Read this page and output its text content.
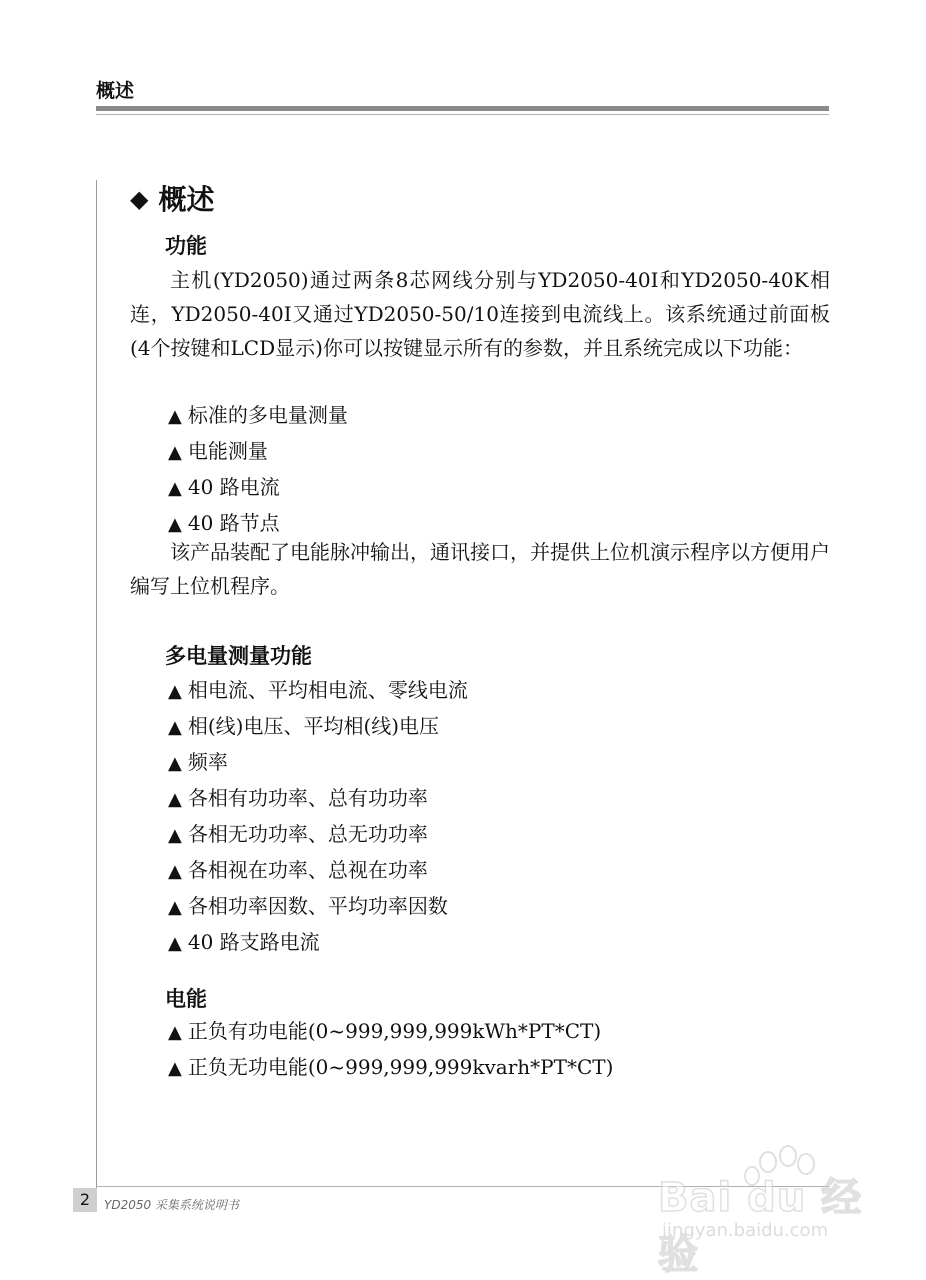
概述
◆ 概述
功能

主机(YD2050)通过两条8芯网线分别与YD2050-40I和YD2050-40K相连，YD2050-40I又通过YD2050-50/10连接到电流线上。该系统通过前面板(4个按键和LCD显示)你可以按键显示所有的参数，并且系统完成以下功能：

▲ 标准的多电量测量
▲ 电能测量
▲ 40 路电流
▲ 40 路节点

该产品装配了电能脉冲输出，通讯接口，并提供上位机演示程序以方便用户编写上位机程序。

多电量测量功能
▲ 相电流、平均相电流、零线电流
▲ 相(线)电压、平均相(线)电压
▲ 频率
▲ 各相有功功率、总有功功率
▲ 各相无功功率、总无功功率
▲ 各相视在功率、总视在功率
▲ 各相功率因数、平均功率因数
▲ 40 路支路电流
电能
▲ 正负有功电能(0~999,999,999kWh*PT*CT)
▲ 正负无功电能(0~999,999,999kvarh*PT*CT)
2	YD2050 采集系统说明书	Bai du 经验
jingyan.baidu.com
